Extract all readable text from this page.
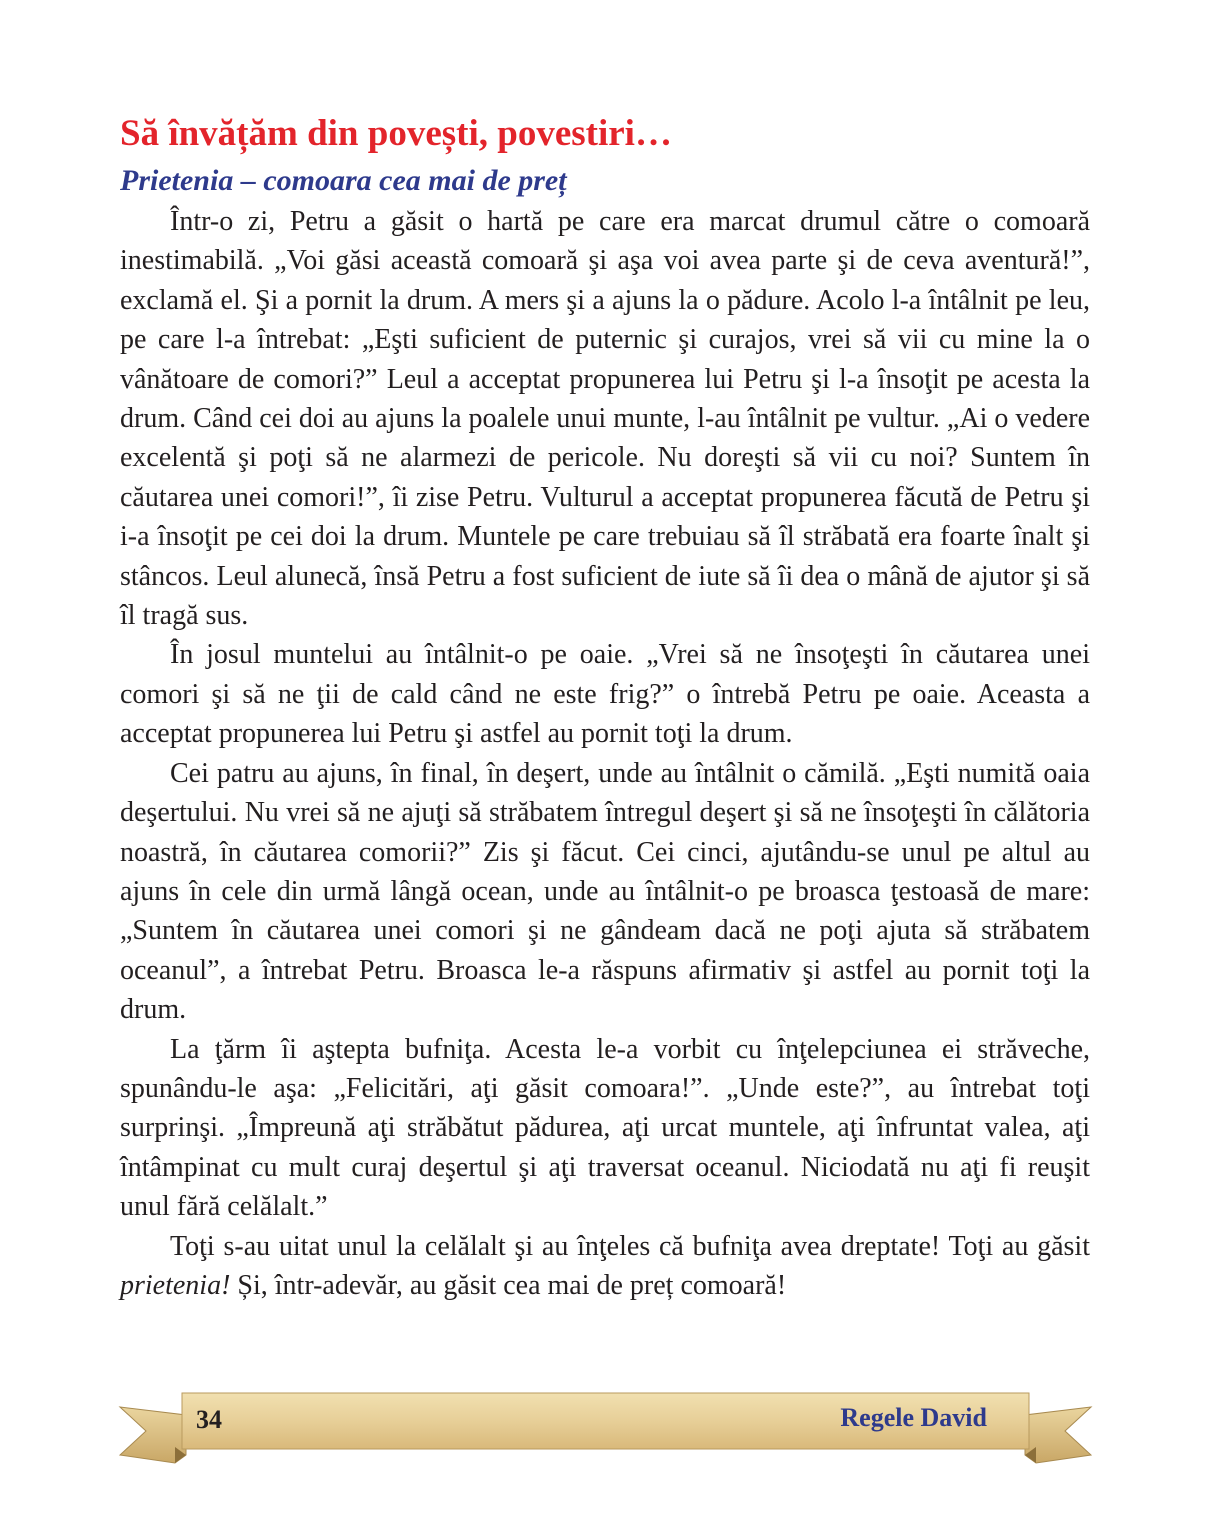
Să învățăm din povești, povestiri…
Prietenia – comoara cea mai de preț

Într-o zi, Petru a găsit o hartă pe care era marcat drumul către o comoară inestimabilă. „Voi găsi această comoară şi aşa voi avea parte şi de ceva aventură!”, exclamă el. Şi a pornit la drum. A mers şi a ajuns la o pădure. Acolo l-a întâlnit pe leu, pe care l-a întrebat: „Eşti suficient de puternic şi curajos, vrei să vii cu mine la o vânătoare de comori?” Leul a acceptat propunerea lui Petru şi l-a însoţit pe acesta la drum. Când cei doi au ajuns la poalele unui munte, l-au întâlnit pe vultur. „Ai o vedere excelentă şi poţi să ne alarmezi de pericole. Nu doreşti să vii cu noi? Suntem în căutarea unei comori!”, îi zise Petru. Vulturul a acceptat propunerea făcută de Petru şi i-a însoţit pe cei doi la drum. Muntele pe care trebuiau să îl străbată era foarte înalt şi stâncos. Leul alunecă, însă Petru a fost suficient de iute să îi dea o mână de ajutor şi să îl tragă sus.

În josul muntelui au întâlnit-o pe oaie. „Vrei să ne însoţeşti în căutarea unei comori şi să ne ţii de cald când ne este frig?” o întrebă Petru pe oaie. Aceasta a acceptat propunerea lui Petru şi astfel au pornit toţi la drum.

Cei patru au ajuns, în final, în deşert, unde au întâlnit o cămilă. „Eşti numită oaia deşertului. Nu vrei să ne ajuţi să străbatem întregul deşert şi să ne însoţeşti în călătoria noastră, în căutarea comorii?” Zis şi făcut. Cei cinci, ajutându-se unul pe altul au ajuns în cele din urmă lângă ocean, unde au întâlnit-o pe broasca ţestoasă de mare: „Suntem în căutarea unei comori şi ne gândeam dacă ne poţi ajuta să străbatem oceanul”, a întrebat Petru. Broasca le-a răspuns afirmativ şi astfel au pornit toţi la drum.

La ţărm îi aştepta bufniţa. Acesta le-a vorbit cu înţelepciunea ei străveche, spunându-le aşa: „Felicitări, aţi găsit comoara!”. „Unde este?”, au întrebat toţi surprinşi. „Împreună aţi străbătut pădurea, aţi urcat muntele, aţi înfruntat valea, aţi întâmpinat cu mult curaj deşertul şi aţi traversat oceanul. Niciodată nu aţi fi reuşit unul fără celălalt.”

Toţi s-au uitat unul la celălalt şi au înţeles că bufniţa avea dreptate! Toţi au găsit prietenia! Și, într-adevăr, au găsit cea mai de preț comoară!

34	Regele David
